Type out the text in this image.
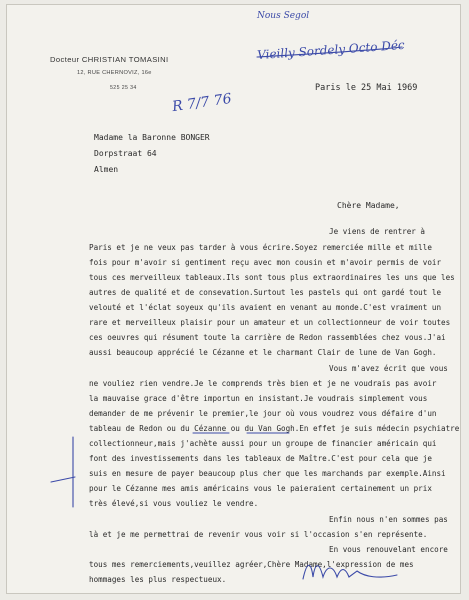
Docteur CHRISTIAN TOMASINI
12, RUE CHERNOVIZ, 16e
525 25 34
Nous Segol
Vieilly Sordely Octo Déc
R 7/7 76
Paris le 25 Mai 1969
Madame la Baronne BONGER
Dorpstraat 64
Almen
Chère Madame,
Je viens de rentrer à
Paris et je ne veux pas tarder à vous écrire.Soyez remerciée mille et mille
fois pour m'avoir si gentiment reçu avec mon cousin et m'avoir permis de voir
tous ces merveilleux tableaux.Ils sont tous plus extraordinaires les uns que les
autres de qualité et de consevation.Surtout les pastels qui ont gardé tout le
velouté et l'éclat soyeux qu'ils avaient en venant au monde.C'est vraiment un
rare et merveilleux plaisir pour un amateur et un collectionneur de voir toutes
ces oeuvres qui résument toute la carrière de Redon rassemblées chez vous.J'ai
aussi beaucoup apprécié le Cézanne et le charmant Clair de lune de Van Gogh.
Vous m'avez écrit que vous
ne vouliez rien vendre.Je le comprends très bien et je ne voudrais pas avoir
la mauvaise grace d'être importun en insistant.Je voudrais simplement vous
demander de me prévenir le premier,le jour où vous voudrez vous défaire d'un
tableau de Redon ou du Cézanne ou du Van Gogh.En effet je suis médecin psychiatre
collectionneur,mais j'achète aussi pour un groupe de financier américain qui
font des investissements dans les tableaux de Maître.C'est pour cela que je
suis en mesure de payer beaucoup plus cher que les marchands par exemple.Ainsi
pour le Cézanne mes amis américains vous le paieraient certainement un prix
très élevé,si vous vouliez le vendre.
Enfin nous n'en sommes pas
là et je me permettrai de revenir vous voir si l'occasion s'en représente.
En vous renouvelant encore
tous mes remerciements,veuillez agréer,Chère Madame,l'expression de mes
hommages les plus respectueux.
